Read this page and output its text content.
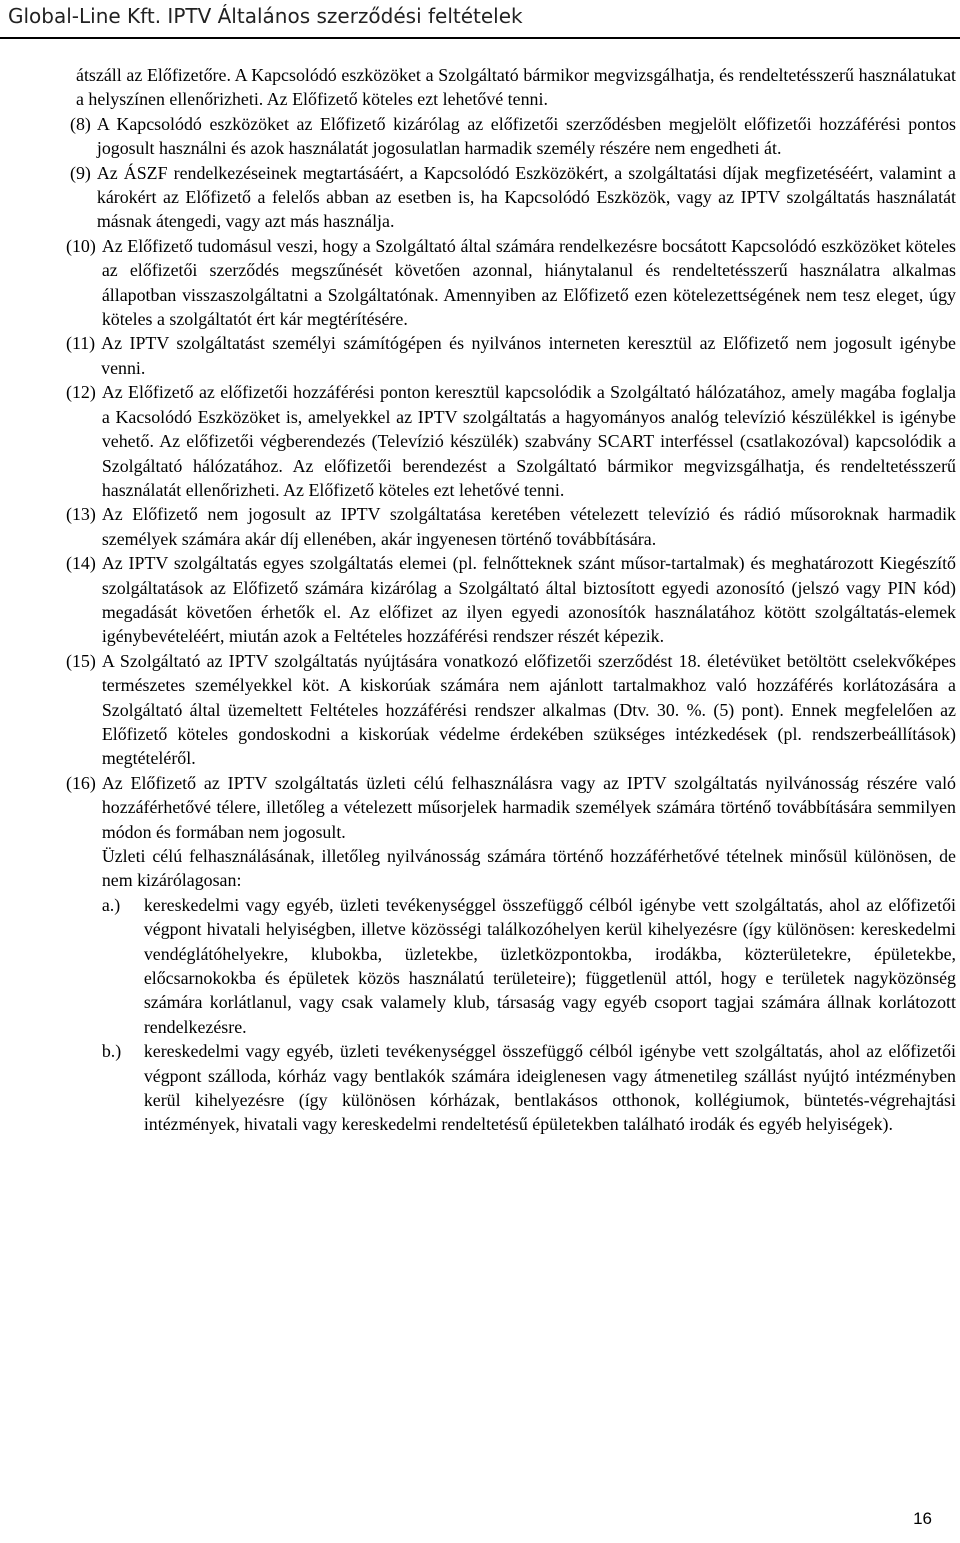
Global-Line Kft. IPTV Általános szerződési feltételek

átszáll az Előfizetőre. A Kapcsolódó eszközöket a Szolgáltató bármikor megvizsgálhatja, és rendeltetésszerű használatukat a helyszínen ellenőrizheti. Az Előfizető köteles ezt lehetővé tenni.

(8) A Kapcsolódó eszközöket az Előfizető kizárólag az előfizetői szerződésben megjelölt előfizetői hozzáférési pontos jogosult használni és azok használatát jogosulatlan harmadik személy részére nem engedheti át.
(9) Az ÁSZF rendelkezéseinek megtartásáért, a Kapcsolódó Eszközökért, a szolgáltatási díjak megfizetéséért, valamint a károkért az Előfizető a felelős abban az esetben is, ha Kapcsolódó Eszközök, vagy az IPTV szolgáltatás használatát másnak átengedi, vagy azt más használja.
(10) Az Előfizető tudomásul veszi, hogy a Szolgáltató által számára rendelkezésre bocsátott Kapcsolódó eszközöket köteles az előfizetői szerződés megszűnését követően azonnal, hiánytalanul és rendeltetésszerű használatra alkalmas állapotban visszaszolgáltatni a Szolgáltatónak. Amennyiben az Előfizető ezen kötelezettségének nem tesz eleget, úgy köteles a szolgáltatót ért kár megtérítésére.
(11) Az IPTV szolgáltatást személyi számítógépen és nyilvános interneten keresztül az Előfizető nem jogosult igénybe venni.
(12) Az Előfizető az előfizetői hozzáférési ponton keresztül kapcsolódik a Szolgáltató hálózatához, amely magába foglalja a Kacsolódó Eszközöket is, amelyekkel az IPTV szolgáltatás a hagyományos analóg televízió készülékkel is igénybe vehető. Az előfizetői végberendezés (Televízió készülék) szabvány SCART interféssel (csatlakozóval) kapcsolódik a Szolgáltató hálózatához. Az előfizetői berendezést a Szolgáltató bármikor megvizsgálhatja, és rendeltetésszerű használatát ellenőrizheti. Az Előfizető köteles ezt lehetővé tenni.
(13) Az Előfizető nem jogosult az IPTV szolgáltatása keretében vételezett televízió és rádió műsoroknak harmadik személyek számára akár díj ellenében, akár ingyenesen történő továbbítására.
(14) Az IPTV szolgáltatás egyes szolgáltatás elemei (pl. felnőtteknek szánt műsor-tartalmak) és meghatározott Kiegészítő szolgáltatások az Előfizető számára kizárólag a Szolgáltató által biztosított egyedi azonosító (jelszó vagy PIN kód) megadását követően érhetők el. Az előfizet az ilyen egyedi azonosítók használatához kötött szolgáltatás-elemek igénybevételéért, miután azok a Feltételes hozzáférési rendszer részét képezik.
(15) A Szolgáltató az IPTV szolgáltatás nyújtására vonatkozó előfizetői szerződést 18. életévüket betöltött cselekvőképes természetes személyekkel köt. A kiskorúak számára nem ajánlott tartalmakhoz való hozzáférés korlátozására a Szolgáltató által üzemeltett Feltételes hozzáférési rendszer alkalmas (Dtv. 30. %. (5) pont). Ennek megfelelően az Előfizető köteles gondoskodni a kiskorúak védelme érdekében szükséges intézkedések (pl. rendszerbeállítások) megtételéről.
(16) Az Előfizető az IPTV szolgáltatás üzleti célú felhasználásra vagy az IPTV szolgáltatás nyilvánosság részére való hozzáférhetővé télere, illetőleg a vételezett műsorjelek harmadik személyek számára történő továbbítására semmilyen módon és formában nem jogosult.

Üzleti célú felhasználásának, illetőleg nyilvánosság számára történő hozzáférhetővé tételnek minősül különösen, de nem kizárólagosan:

a.)	kereskedelmi vagy egyéb, üzleti tevékenységgel összefüggő célból igénybe vett szolgáltatás, ahol az előfizetői végpont hivatali helyiségben, illetve közösségi találkozóhelyen kerül kihelyezésre (így különösen: kereskedelmi vendéglátóhelyekre, klubokba, üzletekbe, üzletközpontokba, irodákba, közterületekre, épületekbe, előcsarnokokba és épületek közös használatú területeire); függetlenül attól, hogy e területek nagyközönség számára korlátlanul, vagy csak valamely klub, társaság vagy egyéb csoport tagjai számára állnak korlátozott rendelkezésre.
b.)	kereskedelmi vagy egyéb, üzleti tevékenységgel összefüggő célból igénybe vett szolgáltatás, ahol az előfizetői végpont szálloda, kórház vagy bentlakók számára ideiglenesen vagy átmenetileg szállást nyújtó intézményben kerül kihelyezésre (így különösen kórházak, bentlakásos otthonok, kollégiumok, büntetés-végrehajtási intézmények, hivatali vagy kereskedelmi rendeltetésű épületekben található irodák és egyéb helyiségek).
16
